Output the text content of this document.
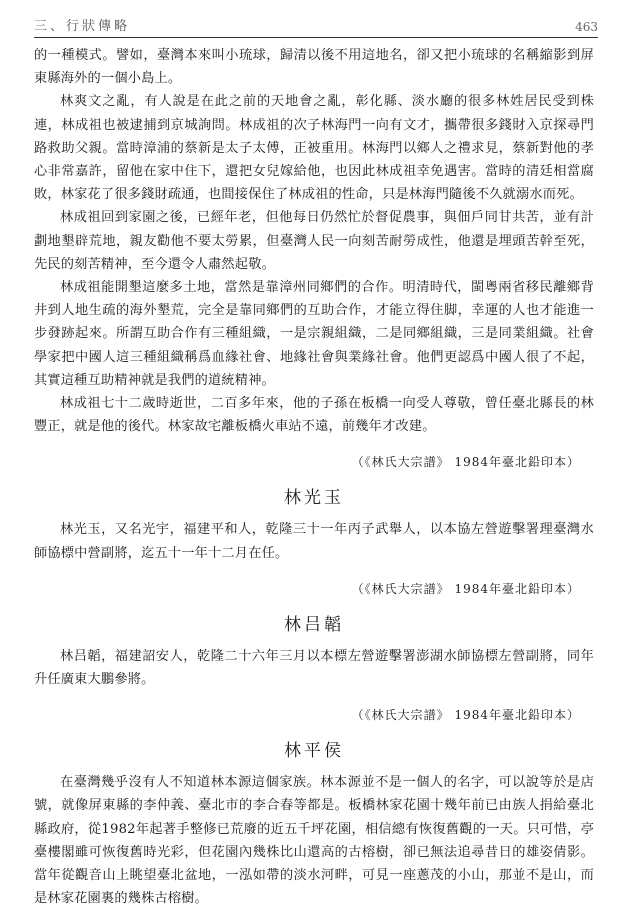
三、行狀傳略	463

的一種模式。譬如，臺灣本來叫小琉球，歸清以後不用這地名，卻又把小琉球的名稱縮影到屏東縣海外的一個小島上。

林爽文之亂，有人說是在此之前的天地會之亂，彰化縣、淡水廳的很多林姓居民受到株連，林成祖也被逮捕到京城詢問。林成祖的次子林海門一向有文才，攜帶很多錢財入京探尋門路救助父親。當時漳浦的蔡新是太子太傅，正被重用。林海門以鄉人之禮求見，蔡新對他的孝心非常嘉許，留他在家中住下，還把女兒嫁給他，也因此林成祖幸免遇害。當時的清廷相當腐敗，林家花了很多錢財疏通，也間接保住了林成祖的性命，只是林海門隨後不久就溺水而死。

林成祖回到家園之後，已經年老，但他每日仍然忙於督促農事，與佃戶同甘共苦，並有計劃地墾辟荒地，親友勸他不要太勞累，但臺灣人民一向刻苦耐勞成性，他還是埋頭苦幹至死，先民的刻苦精神，至今還令人肅然起敬。

林成祖能開墾這麼多土地，當然是靠漳州同鄉們的合作。明清時代，閩粵兩省移民離鄉背井到人地生疏的海外墾荒，完全是靠同鄉們的互助合作，才能立得住脚，幸運的人也才能進一步發跡起來。所謂互助合作有三種組織，一是宗親組織，二是同鄉組織，三是同業組織。社會學家把中國人這三種組織稱爲血緣社會、地緣社會與業緣社會。他們更認爲中國人很了不起，其實這種互助精神就是我們的道統精神。

林成祖七十二歲時逝世，二百多年來，他的子孫在板橋一向受人尊敬，曾任臺北縣長的林豐正，就是他的後代。林家故宅離板橋火車站不遠，前幾年才改建。

（《林氏大宗譜》 1984年臺北鉛印本）
林光玉

林光玉，又名光宇，福建平和人，乾隆三十一年丙子武舉人，以本協左營遊擊署理臺灣水師協標中營副將，迄五十一年十二月在任。

（《林氏大宗譜》 1984年臺北鉛印本）
林吕韜

林吕韜，福建詔安人，乾隆二十六年三月以本標左營遊擊署澎湖水師協標左營副將，同年升任廣東大鵬參將。

（《林氏大宗譜》 1984年臺北鉛印本）
林平侯

在臺灣幾乎沒有人不知道林本源這個家族。林本源並不是一個人的名字，可以說等於是店號，就像屏東縣的李仲義、臺北市的李合春等都是。板橋林家花園十幾年前已由族人捐給臺北縣政府，從1982年起著手整修已荒廢的近五千坪花園，相信總有恢復舊觀的一天。只可惜，亭臺樓閣雖可恢復舊時光彩，但花園內幾株比山還高的古榕樹，卻已無法追尋昔日的雄姿倩影。當年從觀音山上眺望臺北盆地，一泓如帶的淡水河畔，可見一座蔥茂的小山，那並不是山，而是林家花園裏的幾株古榕樹。
